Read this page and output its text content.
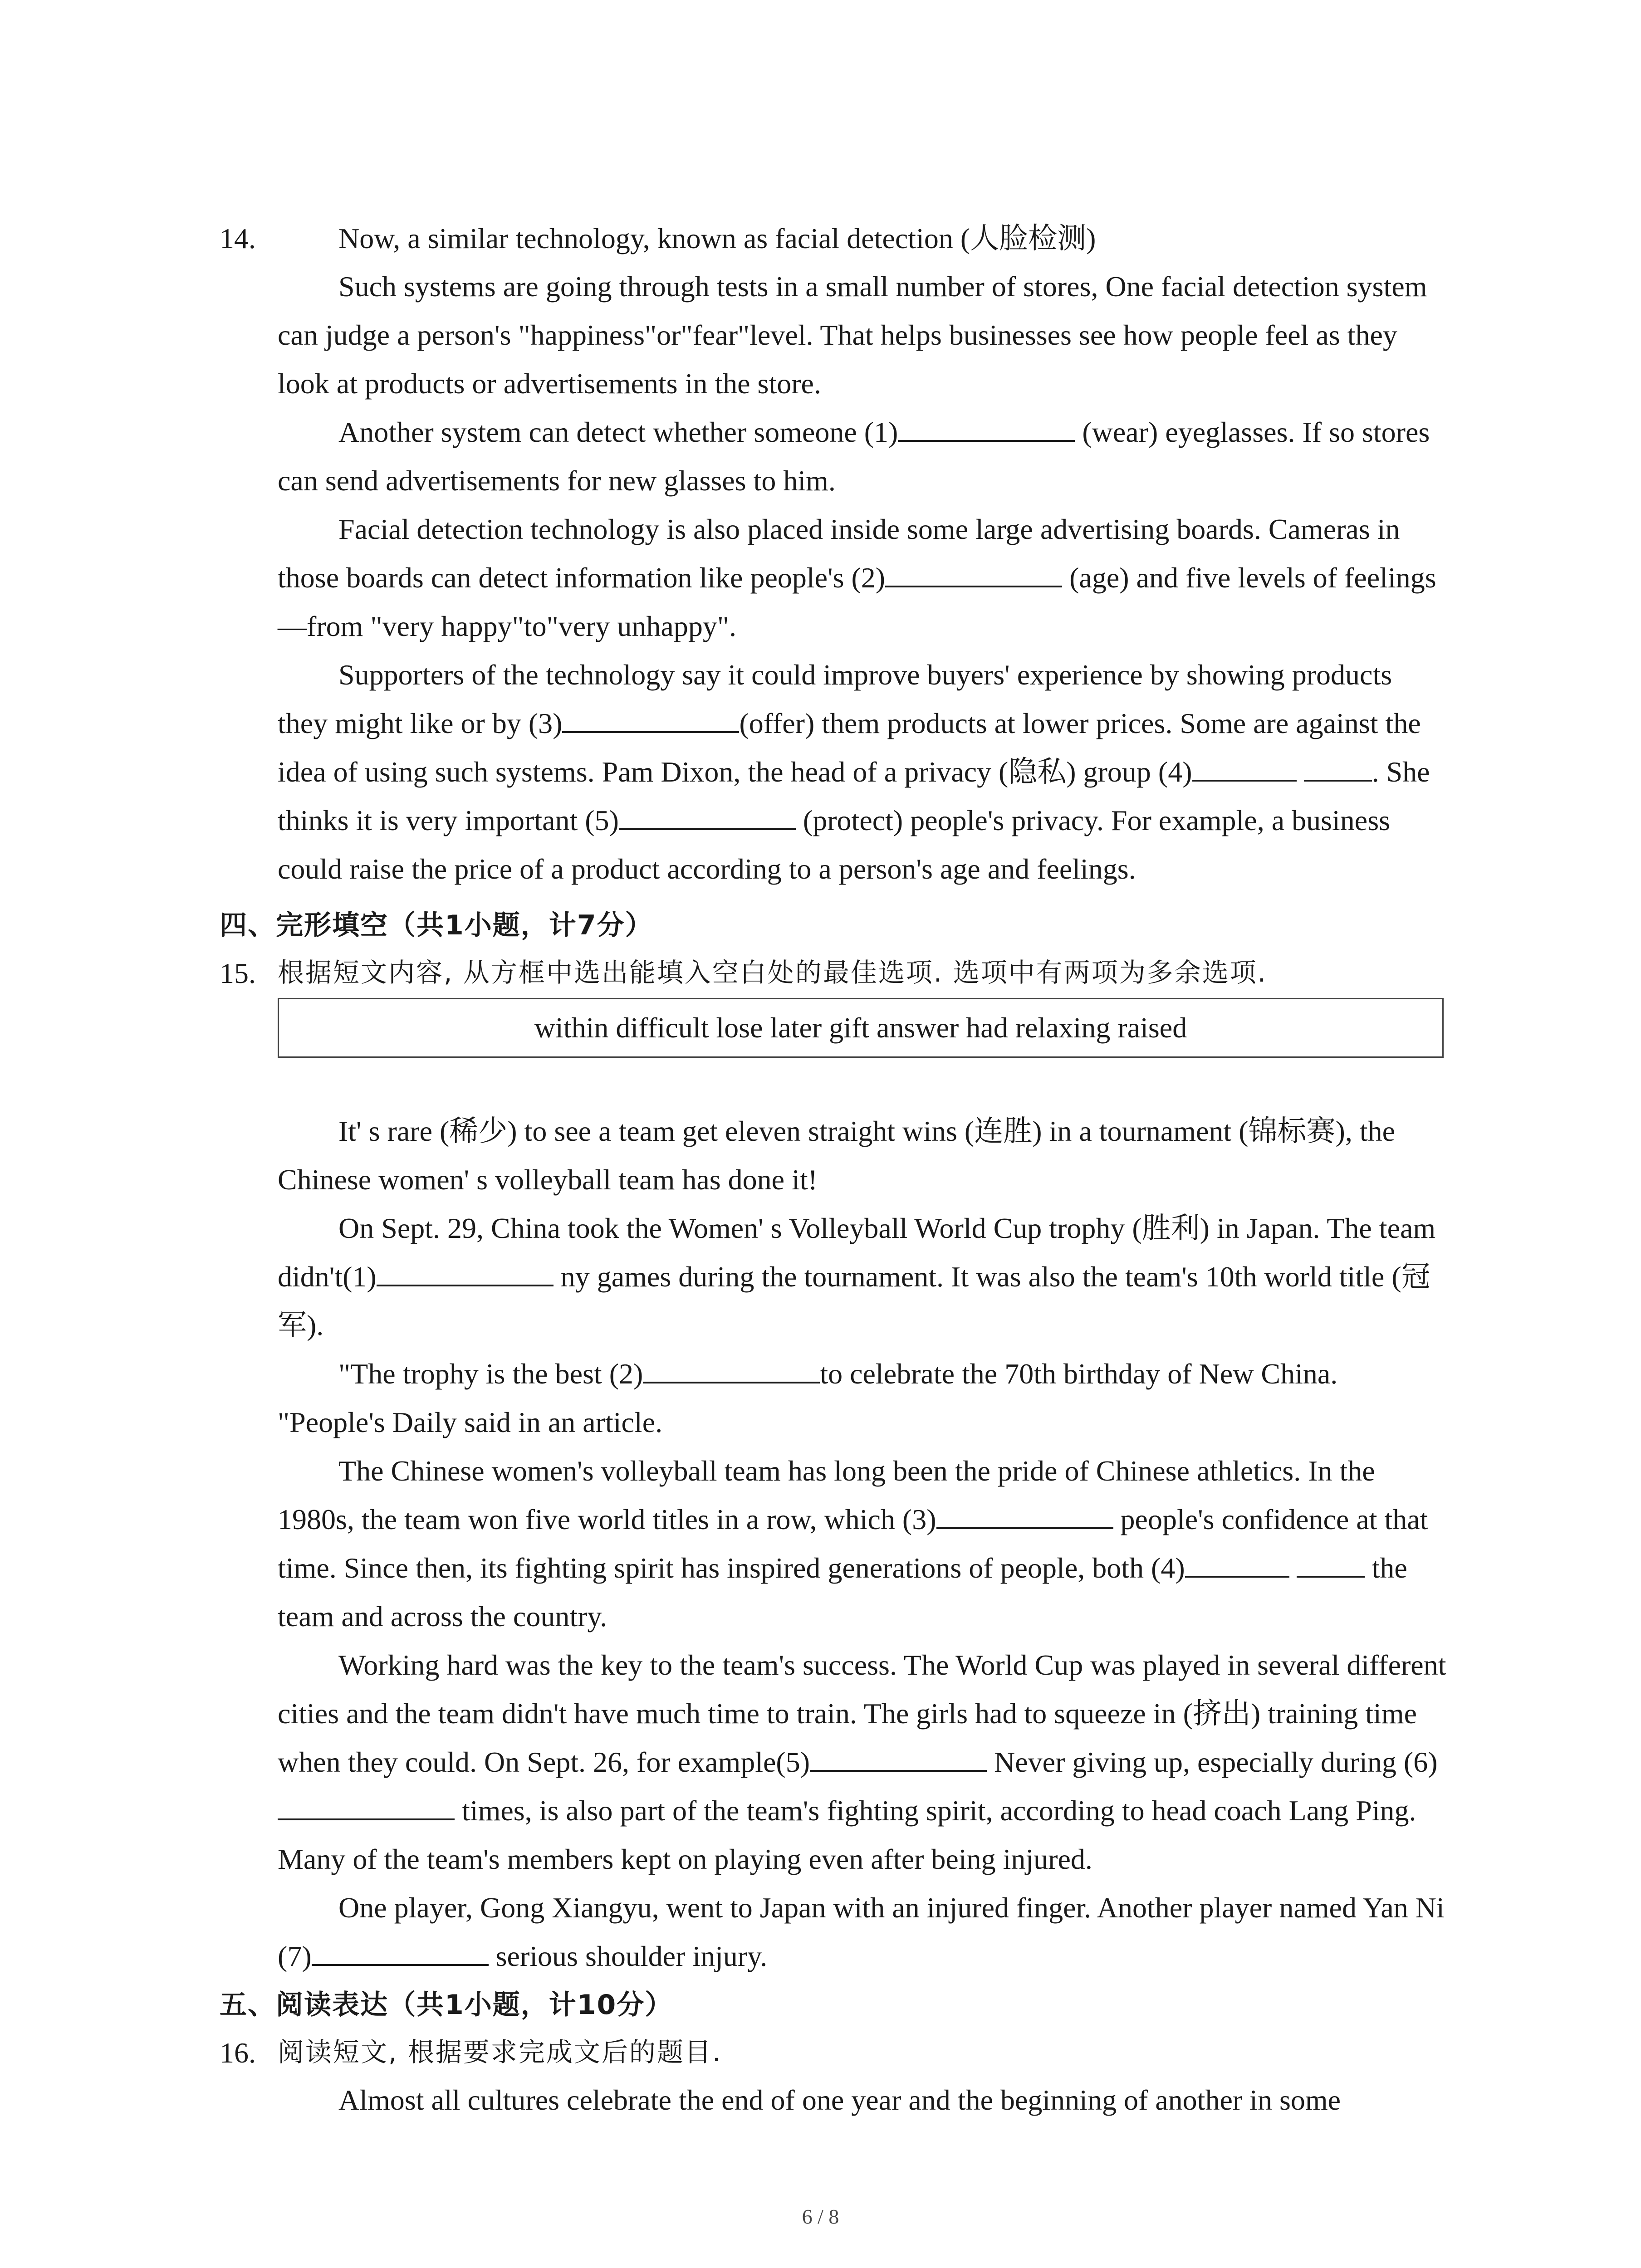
14.	Now, a similar technology, known as facial detection (人脸检测)

Such systems are going through tests in a small number of stores, One facial detection system can judge a person's "happiness"or"fear"level. That helps businesses see how people feel as they look at products or advertisements in the store.

Another system can detect whether someone (1)	(wear) eyeglasses. If so stores can send advertisements for new glasses to him.

Facial detection technology is also placed inside some large advertising boards. Cameras in those boards can detect information like people's (2)	(age) and five levels of feelings—from "very happy"to"very unhappy".

Supporters of the technology say it could improve buyers' experience by showing products they might like or by (3)	(offer) them products at lower prices. Some are against the idea of using such systems. Pam Dixon, the head of a privacy (隐私) group (4)	. She thinks it is very important (5)	(protect) people's privacy. For example, a business could raise the price of a product according to a person's age and feelings.

四、完形填空（共1小题，计7分）
15. 根据短文内容, 从方框中选出能填入空白处的最佳选项. 选项中有两项为多余选项.
within difficult lose later gift answer had relaxing raised

It' s rare (稀少) to see a team get eleven straight wins (连胜) in a tournament (锦标赛), the Chinese women' s volleyball team has done it!

On Sept. 29, China took the Women' s Volleyball World Cup trophy (胜利) in Japan. The team didn't(1)	ny games during the tournament. It was also the team's 10th world title (冠军).

"The trophy is the best (2)	to celebrate the 70th birthday of New China. "People's Daily said in an article.

The Chinese women's volleyball team has long been the pride of Chinese athletics. In the 1980s, the team won five world titles in a row, which (3)	people's confidence at that time. Since then, its fighting spirit has inspired generations of people, both (4)	the team and across the country.

Working hard was the key to the team's success. The World Cup was played in several different cities and the team didn't have much time to train. The girls had to squeeze in (挤出) training time when they could. On Sept. 26, for example(5)	Never giving up, especially during (6) times, is also part of the team's fighting spirit, according to head coach Lang Ping. Many of the team's members kept on playing even after being injured.

One player, Gong Xiangyu, went to Japan with an injured finger. Another player named Yan Ni (7)	serious shoulder injury.

五、阅读表达（共1小题，计10分）
16. 阅读短文, 根据要求完成文后的题目.

Almost all cultures celebrate the end of one year and the beginning of another in some

6 / 8
